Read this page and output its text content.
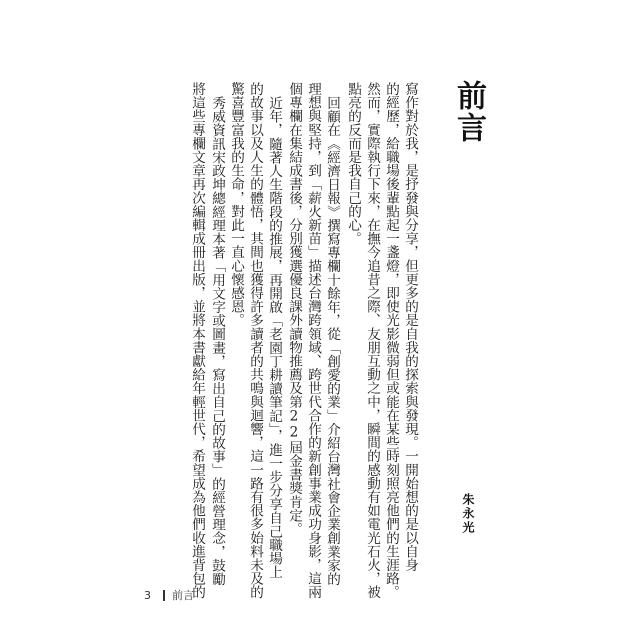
前言
寫作對於我，是抒發與分享，但更多的是自我的探索與發現。一開始想的是以自身
的經歷，給職場後輩點起一盞燈，即使光影微弱但或能在某些時刻照亮他們的生涯路。
然而，實際執行下來，在撫今追昔之際、友朋互動之中，瞬間的感動有如電光石火，被
點亮的反而是我自己的心。
回顧在《經濟日報》撰寫專欄十餘年，從「創愛的業」介紹台灣社會企業創業家的
理想與堅持，到「薪火新苗」描述台灣跨領域、跨世代合作的新創事業成功身影，這兩
個專欄在集結成書後，分別獲選優良課外讀物推薦及第22屆金書獎肯定。
近年，隨著人生階段的推展，再開啟「老園丁耕讀筆記」，進一步分享自己職場上
的故事以及人生的體悟，其間也獲得許多讀者的共鳴與迴響，這一路有很多始料未及的
驚喜豐富我的生命，對此一直心懷感恩。
秀威資訊宋政坤總經理本著「用文字或圖畫，寫出自己的故事」的經營理念，鼓勵
將這些專欄文章再次編輯成冊出版，並將本書獻給年輕世代，希望成為他們收進背包的	朱永光
3 前言
